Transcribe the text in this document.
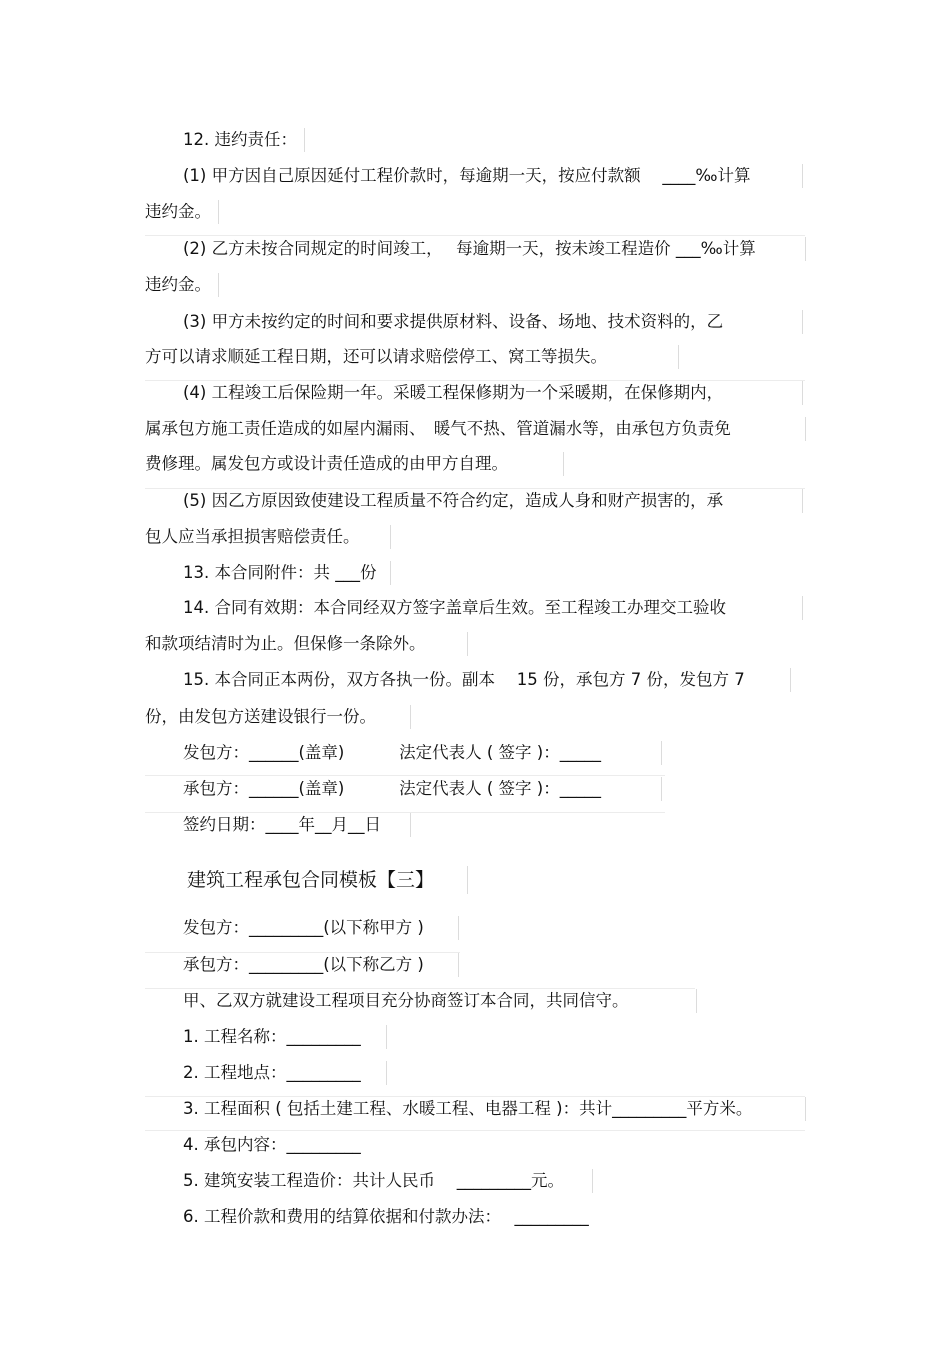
12. 违约责任：
(1) 甲方因自己原因延付工程价款时，每逾期一天，按应付款额　 ____‰计算
违约金。
(2) 乙方未按合同规定的时间竣工，　 每逾期一天，按未竣工程造价 ___‰计算
违约金。
(3) 甲方未按约定的时间和要求提供原材料、设备、场地、技术资料的，乙
方可以请求顺延工程日期，还可以请求赔偿停工、窝工等损失。
(4) 工程竣工后保险期一年。采暖工程保修期为一个采暖期，在保修期内，
属承包方施工责任造成的如屋内漏雨、　暖气不热、管道漏水等，由承包方负责免
费修理。属发包方或设计责任造成的由甲方自理。
(5) 因乙方原因致使建设工程质量不符合约定，造成人身和财产损害的，承
包人应当承担损害赔偿责任。
13. 本合同附件：共 ___份
14. 合同有效期：本合同经双方签字盖章后生效。至工程竣工办理交工验收
和款项结清时为止。但保修一条除外。
15. 本合同正本两份，双方各执一份。副本　 15 份，承包方 7 份，发包方 7
份，由发包方送建设银行一份。
发包方：______(盖章)　　　 法定代表人 ( 签字 )：_____
承包方：______(盖章)　　　 法定代表人 ( 签字 )：_____
签约日期：____年__月__日
建筑工程承包合同模板【三】
发包方：_________(以下称甲方 )
承包方：_________(以下称乙方 )
甲、乙双方就建设工程项目充分协商签订本合同，共同信守。
1. 工程名称：_________
2. 工程地点：_________
3. 工程面积 ( 包括土建工程、水暖工程、电器工程 )：共计_________平方米。
4. 承包内容：_________
5. 建筑安装工程造价：共计人民币　 _________元。
6. 工程价款和费用的结算依据和付款办法：　 _________
